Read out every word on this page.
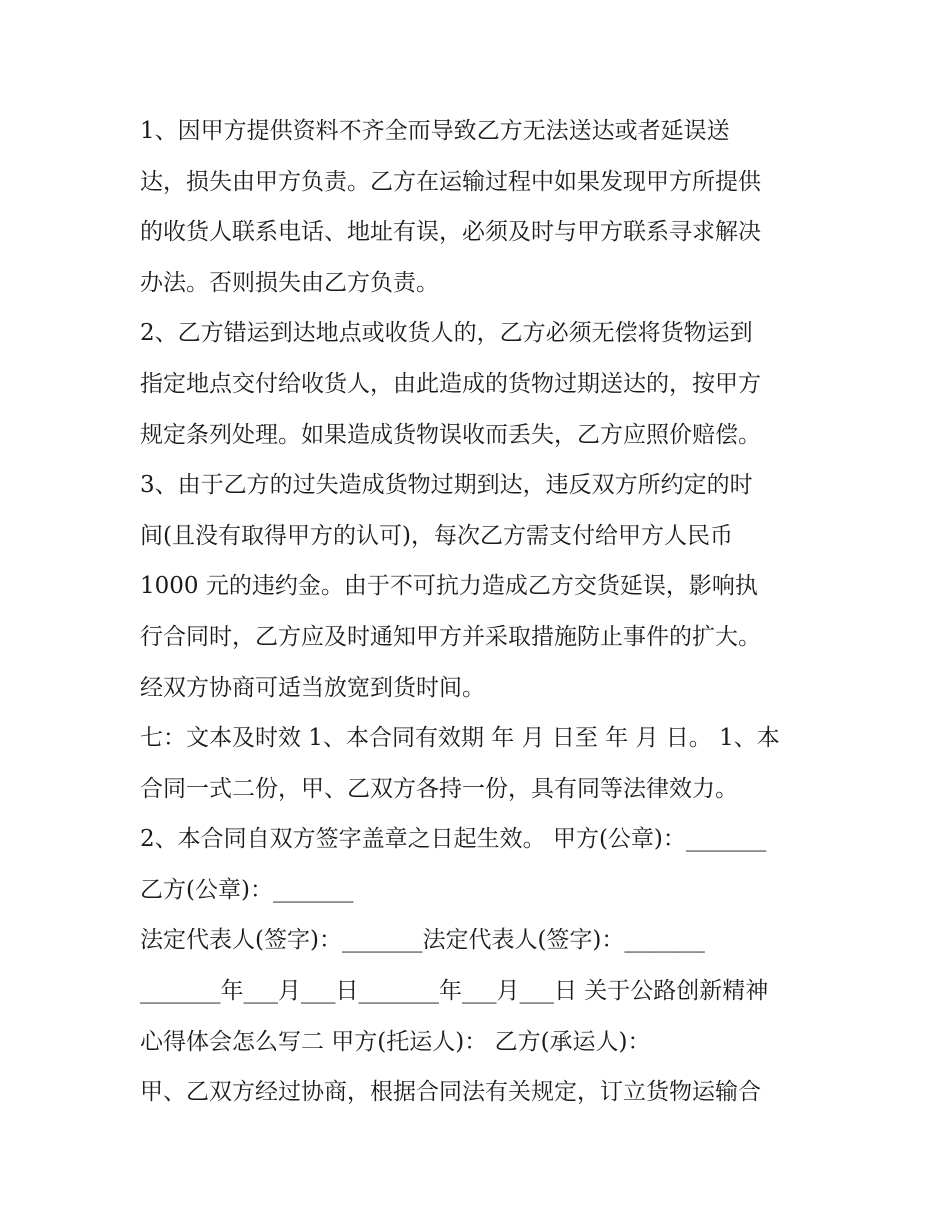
1、因甲方提供资料不齐全而导致乙方无法送达或者延误送
达，损失由甲方负责。乙方在运输过程中如果发现甲方所提供
的收货人联系电话、地址有误，必须及时与甲方联系寻求解决
办法。否则损失由乙方负责。
2、乙方错运到达地点或收货人的，乙方必须无偿将货物运到
指定地点交付给收货人，由此造成的货物过期送达的，按甲方
规定条列处理。如果造成货物误收而丢失，乙方应照价赔偿。
3、由于乙方的过失造成货物过期到达，违反双方所约定的时
间(且没有取得甲方的认可)，每次乙方需支付给甲方人民币
1000 元的违约金。由于不可抗力造成乙方交货延误，影响执
行合同时，乙方应及时通知甲方并采取措施防止事件的扩大。
经双方协商可适当放宽到货时间。
七：文本及时效 1、本合同有效期 年 月 日至 年 月 日。 1、本
合同一式二份，甲、乙双方各持一份，具有同等法律效力。
2、本合同自双方签字盖章之日起生效。 甲方(公章)：_______
乙方(公章)：_______
法定代表人(签字)：_______法定代表人(签字)：_______
_______年___月___日_______年___月___日 关于公路创新精神
心得体会怎么写二 甲方(托运人)： 乙方(承运人)：
甲、乙双方经过协商，根据合同法有关规定，订立货物运输合
